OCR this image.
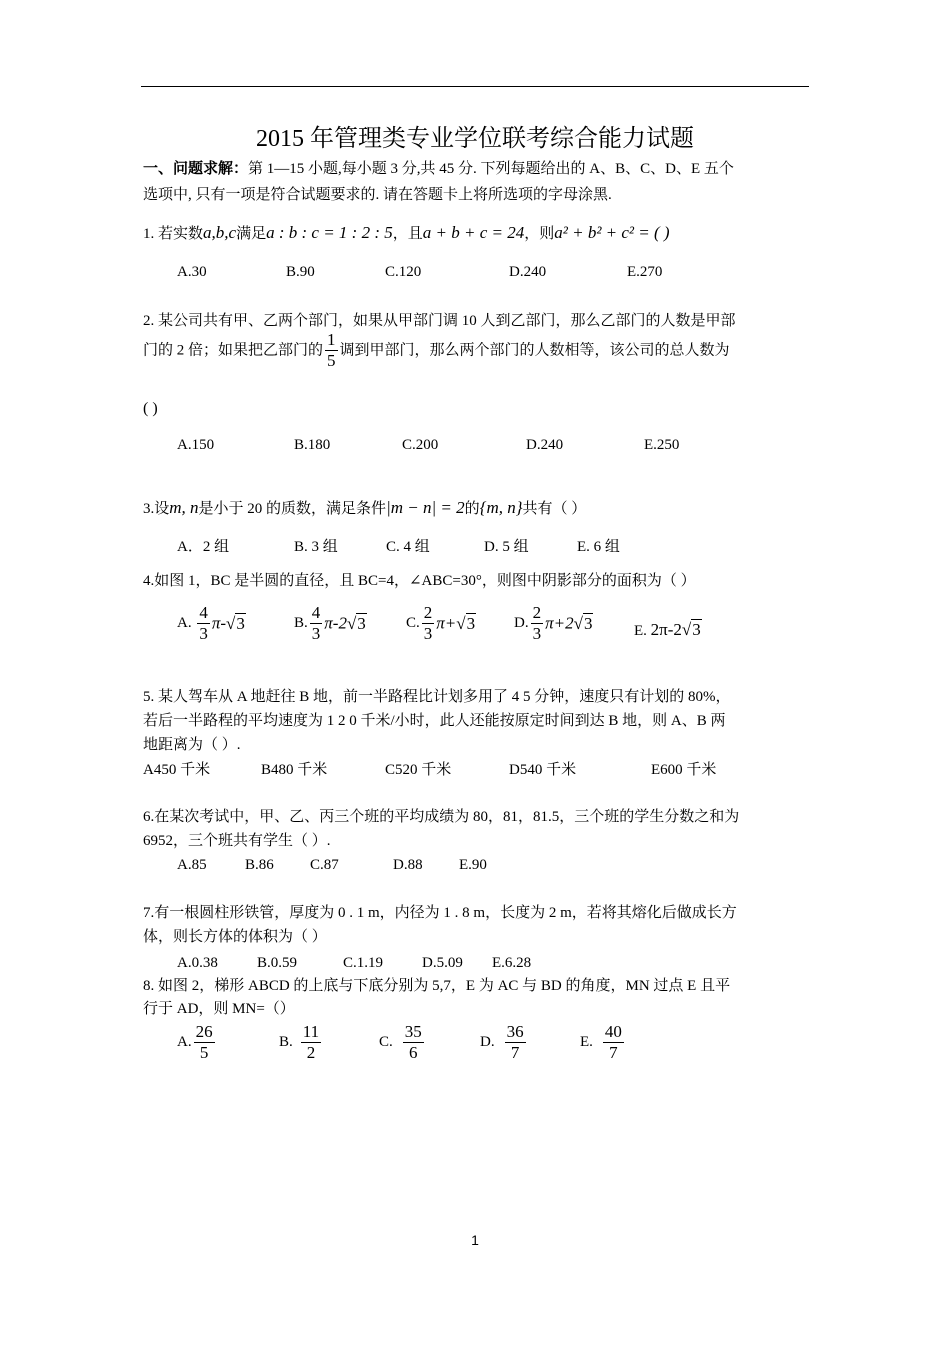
2015 年管理类专业学位联考综合能力试题
一、问题求解：第 1—15 小题,每小题 3 分,共 45 分. 下列每题给出的 A、B、C、D、E 五个
选项中, 只有一项是符合试题要求的. 请在答题卡上将所选项的字母涂黑.
1. 若实数a,b,c满足a : b : c = 1 : 2 : 5，且a + b + c = 24，则a² + b² + c² = ( )
A.30	B.90	C.120	D.240	E.270
2. 某公司共有甲、乙两个部门，如果从甲部门调 10 人到乙部门，那么乙部门的人数是甲部
门的 2 倍；如果把乙部门的 $\frac{1}{5}$ 调到甲部门，那么两个部门的人数相等，该公司的总人数为
( )
A.150	B.180	C.200	D.240	E.250
3.设m, n是小于 20 的质数，满足条件|m − n| = 2的{m, n}共有（ ）
A．2 组	B. 3 组	C. 4 组	D. 5 组	E. 6 组
4.如图 1，BC 是半圆的直径，且 BC=4，∠ABC=30°，则图中阴影部分的面积为（ ）
A. $\frac{4}{3} \pi-√3$	B. $\frac{4}{3} \pi-2√3$	C. $\frac{2}{3} \pi+√3$	D. $\frac{2}{3} \pi+2√3$	E. 2π-2√3
5. 某人驾车从 A 地赶往 B 地，前一半路程比计划多用了 4 5 分钟，速度只有计划的 80%，
若后一半路程的平均速度为 1 2 0 千米/小时，此人还能按原定时间到达 B 地，则 A、B 两
地距离为（ ）.
A450 千米	B480 千米	C520 千米	D540 千米	E600 千米
6.在某次考试中，甲、乙、丙三个班的平均成绩为 80，81，81.5，三个班的学生分数之和为
6952，三个班共有学生（ ）.
A.85	B.86 C.87	D.88 E.90
7.有一根圆柱形铁管，厚度为 0 . 1 m，内径为 1 . 8 m，长度为 2 m，若将其熔化后做成长方
体，则长方体的体积为（ ）
A.0.38	B.0.59	C.1.19	D.5.09 E.6.28
8. 如图 2，梯形 ABCD 的上底与下底分别为 5,7，E 为 AC 与 BD 的角度，MN 过点 E 且平
行于 AD，则 MN=（）
A. $\frac{26}{5}$	B. $\frac{11}{2}$	C. $\frac{35}{6}$	D. $\frac{36}{7}$	E. $\frac{40}{7}$
1
